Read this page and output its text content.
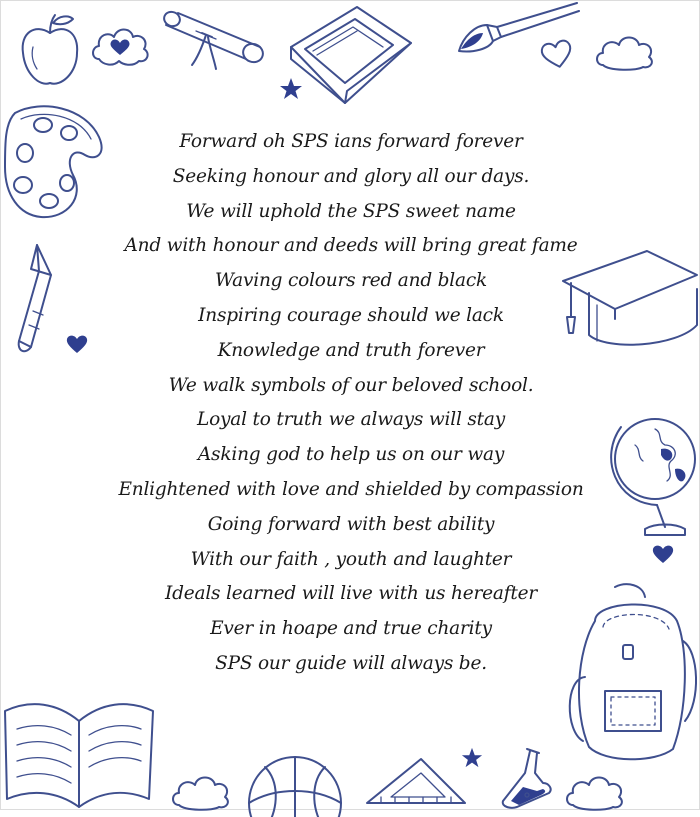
Forward oh SPS ians forward forever
Seeking honour and glory all our days.
We will uphold the SPS sweet name
And with honour and deeds will bring great fame
Waving colours red and black
Inspiring courage should we lack
Knowledge and truth forever
We walk symbols of our beloved school.
Loyal to truth we always will stay
Asking god to help us on our way
Enlightened with love and shielded by compassion
Going forward with best ability
With our faith , youth and laughter
Ideals learned will live with us hereafter
Ever in hoape and true charity
SPS our guide will always be.
